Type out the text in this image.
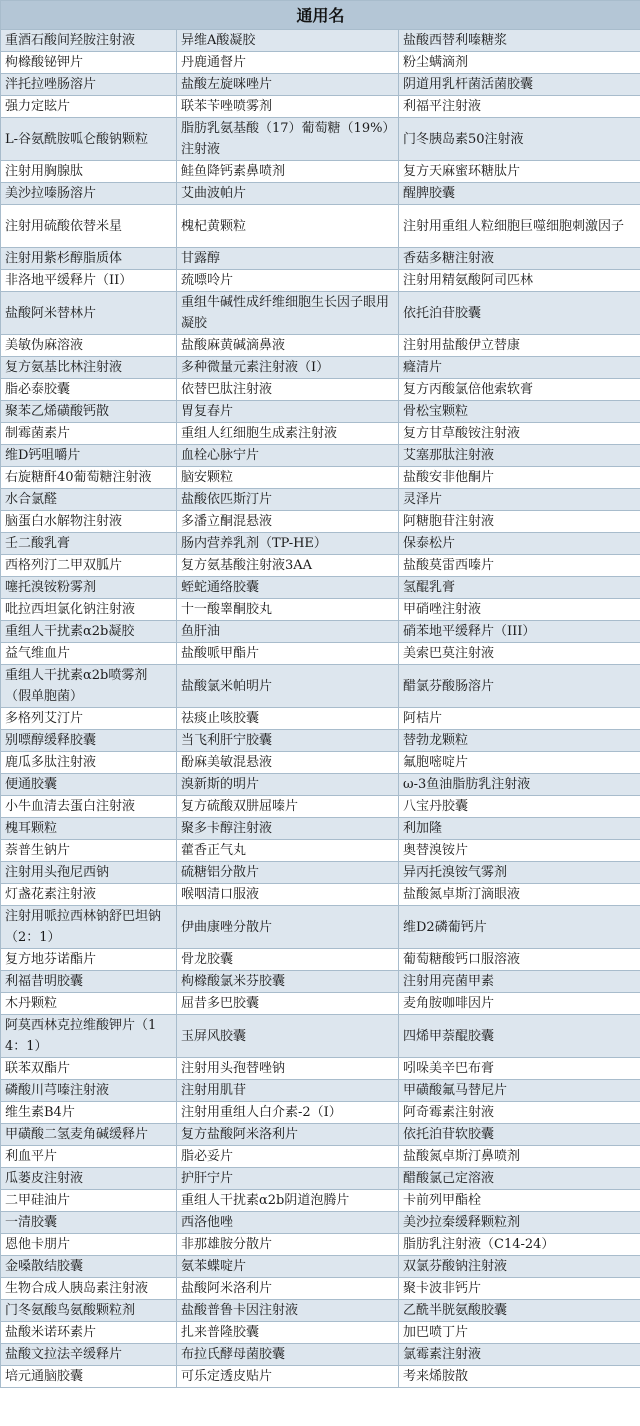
通用名		
重酒石酸间羟胺注射液	异维A酸凝胶	盐酸西替利嗪糖浆
枸橼酸铋钾片	丹鹿通督片	粉尘螨滴剂
泮托拉唑肠溶片	盐酸左旋咪唑片	阴道用乳杆菌活菌胶囊
强力定眩片	联苯苄唑喷雾剂	利福平注射液
L-谷氨酰胺呱仑酸钠颗粒	脂肪乳氨基酸（17）葡萄糖（19%）注射液	门冬胰岛素50注射液
注射用胸腺肽	鲑鱼降钙素鼻喷剂	复方天麻蜜环糖肽片
美沙拉嗪肠溶片	艾曲波帕片	醒脾胶囊
注射用硫酸依替米星	槐杞黄颗粒	注射用重组人粒细胞巨噬细胞刺激因子
注射用紫杉醇脂质体	甘露醇	香菇多糖注射液
非洛地平缓释片（II）	巯嘌呤片	注射用精氨酸阿司匹林
盐酸阿米替林片	重组牛碱性成纤维细胞生长因子眼用凝胶	依托泊苷胶囊
美敏伪麻溶液	盐酸麻黄碱滴鼻液	注射用盐酸伊立替康
复方氨基比林注射液	多种微量元素注射液（I）	癃清片
脂必泰胶囊	依替巴肽注射液	复方丙酸氯倍他索软膏
聚苯乙烯磺酸钙散	胃复春片	骨松宝颗粒
制霉菌素片	重组人红细胞生成素注射液	复方甘草酸铵注射液
维D钙咀嚼片	血栓心脉宁片	艾塞那肽注射液
右旋糖酐40葡萄糖注射液	脑安颗粒	盐酸安非他酮片
水合氯醛	盐酸依匹斯汀片	灵泽片
脑蛋白水解物注射液	多潘立酮混悬液	阿糖胞苷注射液
壬二酸乳膏	肠内营养乳剂（TP-HE）	保泰松片
西格列汀二甲双胍片	复方氨基酸注射液3AA	盐酸莫雷西嗪片
噻托溴铵粉雾剂	蛭蛇通络胶囊	氢醌乳膏
吡拉西坦氯化钠注射液	十一酸睾酮胶丸	甲硝唑注射液
重组人干扰素α2b凝胶	鱼肝油	硝苯地平缓释片（III）
益气维血片	盐酸哌甲酯片	美索巴莫注射液
重组人干扰素α2b喷雾剂（假单胞菌）	盐酸氯米帕明片	醋氯芬酸肠溶片
多格列艾汀片	祛痰止咳胶囊	阿桔片
别嘌醇缓释胶囊	当飞利肝宁胶囊	替勃龙颗粒
鹿瓜多肽注射液	酚麻美敏混悬液	氟胞嘧啶片
便通胶囊	溴新斯的明片	ω-3鱼油脂肪乳注射液
小牛血清去蛋白注射液	复方硫酸双肼屈嗪片	八宝丹胶囊
槐耳颗粒	聚多卡醇注射液	利加隆
萘普生钠片	藿香正气丸	奥替溴铵片
注射用头孢尼西钠	硫糖铝分散片	异丙托溴铵气雾剂
灯盏花素注射液	喉咽清口服液	盐酸氮卓斯汀滴眼液
注射用哌拉西林钠舒巴坦钠（2：1）	伊曲康唑分散片	维D2磷葡钙片
复方地芬诺酯片	骨龙胶囊	葡萄糖酸钙口服溶液
利福昔明胶囊	枸橼酸氯米芬胶囊	注射用亮菌甲素
木丹颗粒	屈昔多巴胶囊	麦角胺咖啡因片
阿莫西林克拉维酸钾片（14：1）	玉屏风胶囊	四烯甲萘醌胶囊
联苯双酯片	注射用头孢替唑钠	吲哚美辛巴布膏
磷酸川芎嗪注射液	注射用肌苷	甲磺酸氟马替尼片
维生素B4片	注射用重组人白介素-2（I）	阿奇霉素注射液
甲磺酸二氢麦角碱缓释片	复方盐酸阿米洛利片	依托泊苷软胶囊
利血平片	脂必妥片	盐酸氮卓斯汀鼻喷剂
瓜蒌皮注射液	护肝宁片	醋酸氯己定溶液
二甲硅油片	重组人干扰素α2b阴道泡腾片	卡前列甲酯栓
一清胶囊	西洛他唑	美沙拉秦缓释颗粒剂
恩他卡朋片	非那雄胺分散片	脂肪乳注射液（C14-24）
金嗓散结胶囊	氨苯蝶啶片	双氯芬酸钠注射液
生物合成人胰岛素注射液	盐酸阿米洛利片	聚卡波非钙片
门冬氨酸鸟氨酸颗粒剂	盐酸普鲁卡因注射液	乙酰半胱氨酸胶囊
盐酸米诺环素片	扎来普隆胶囊	加巴喷丁片
盐酸文拉法辛缓释片	布拉氏酵母菌胶囊	氯霉素注射液
培元通脑胶囊	可乐定透皮贴片	考来烯胺散
